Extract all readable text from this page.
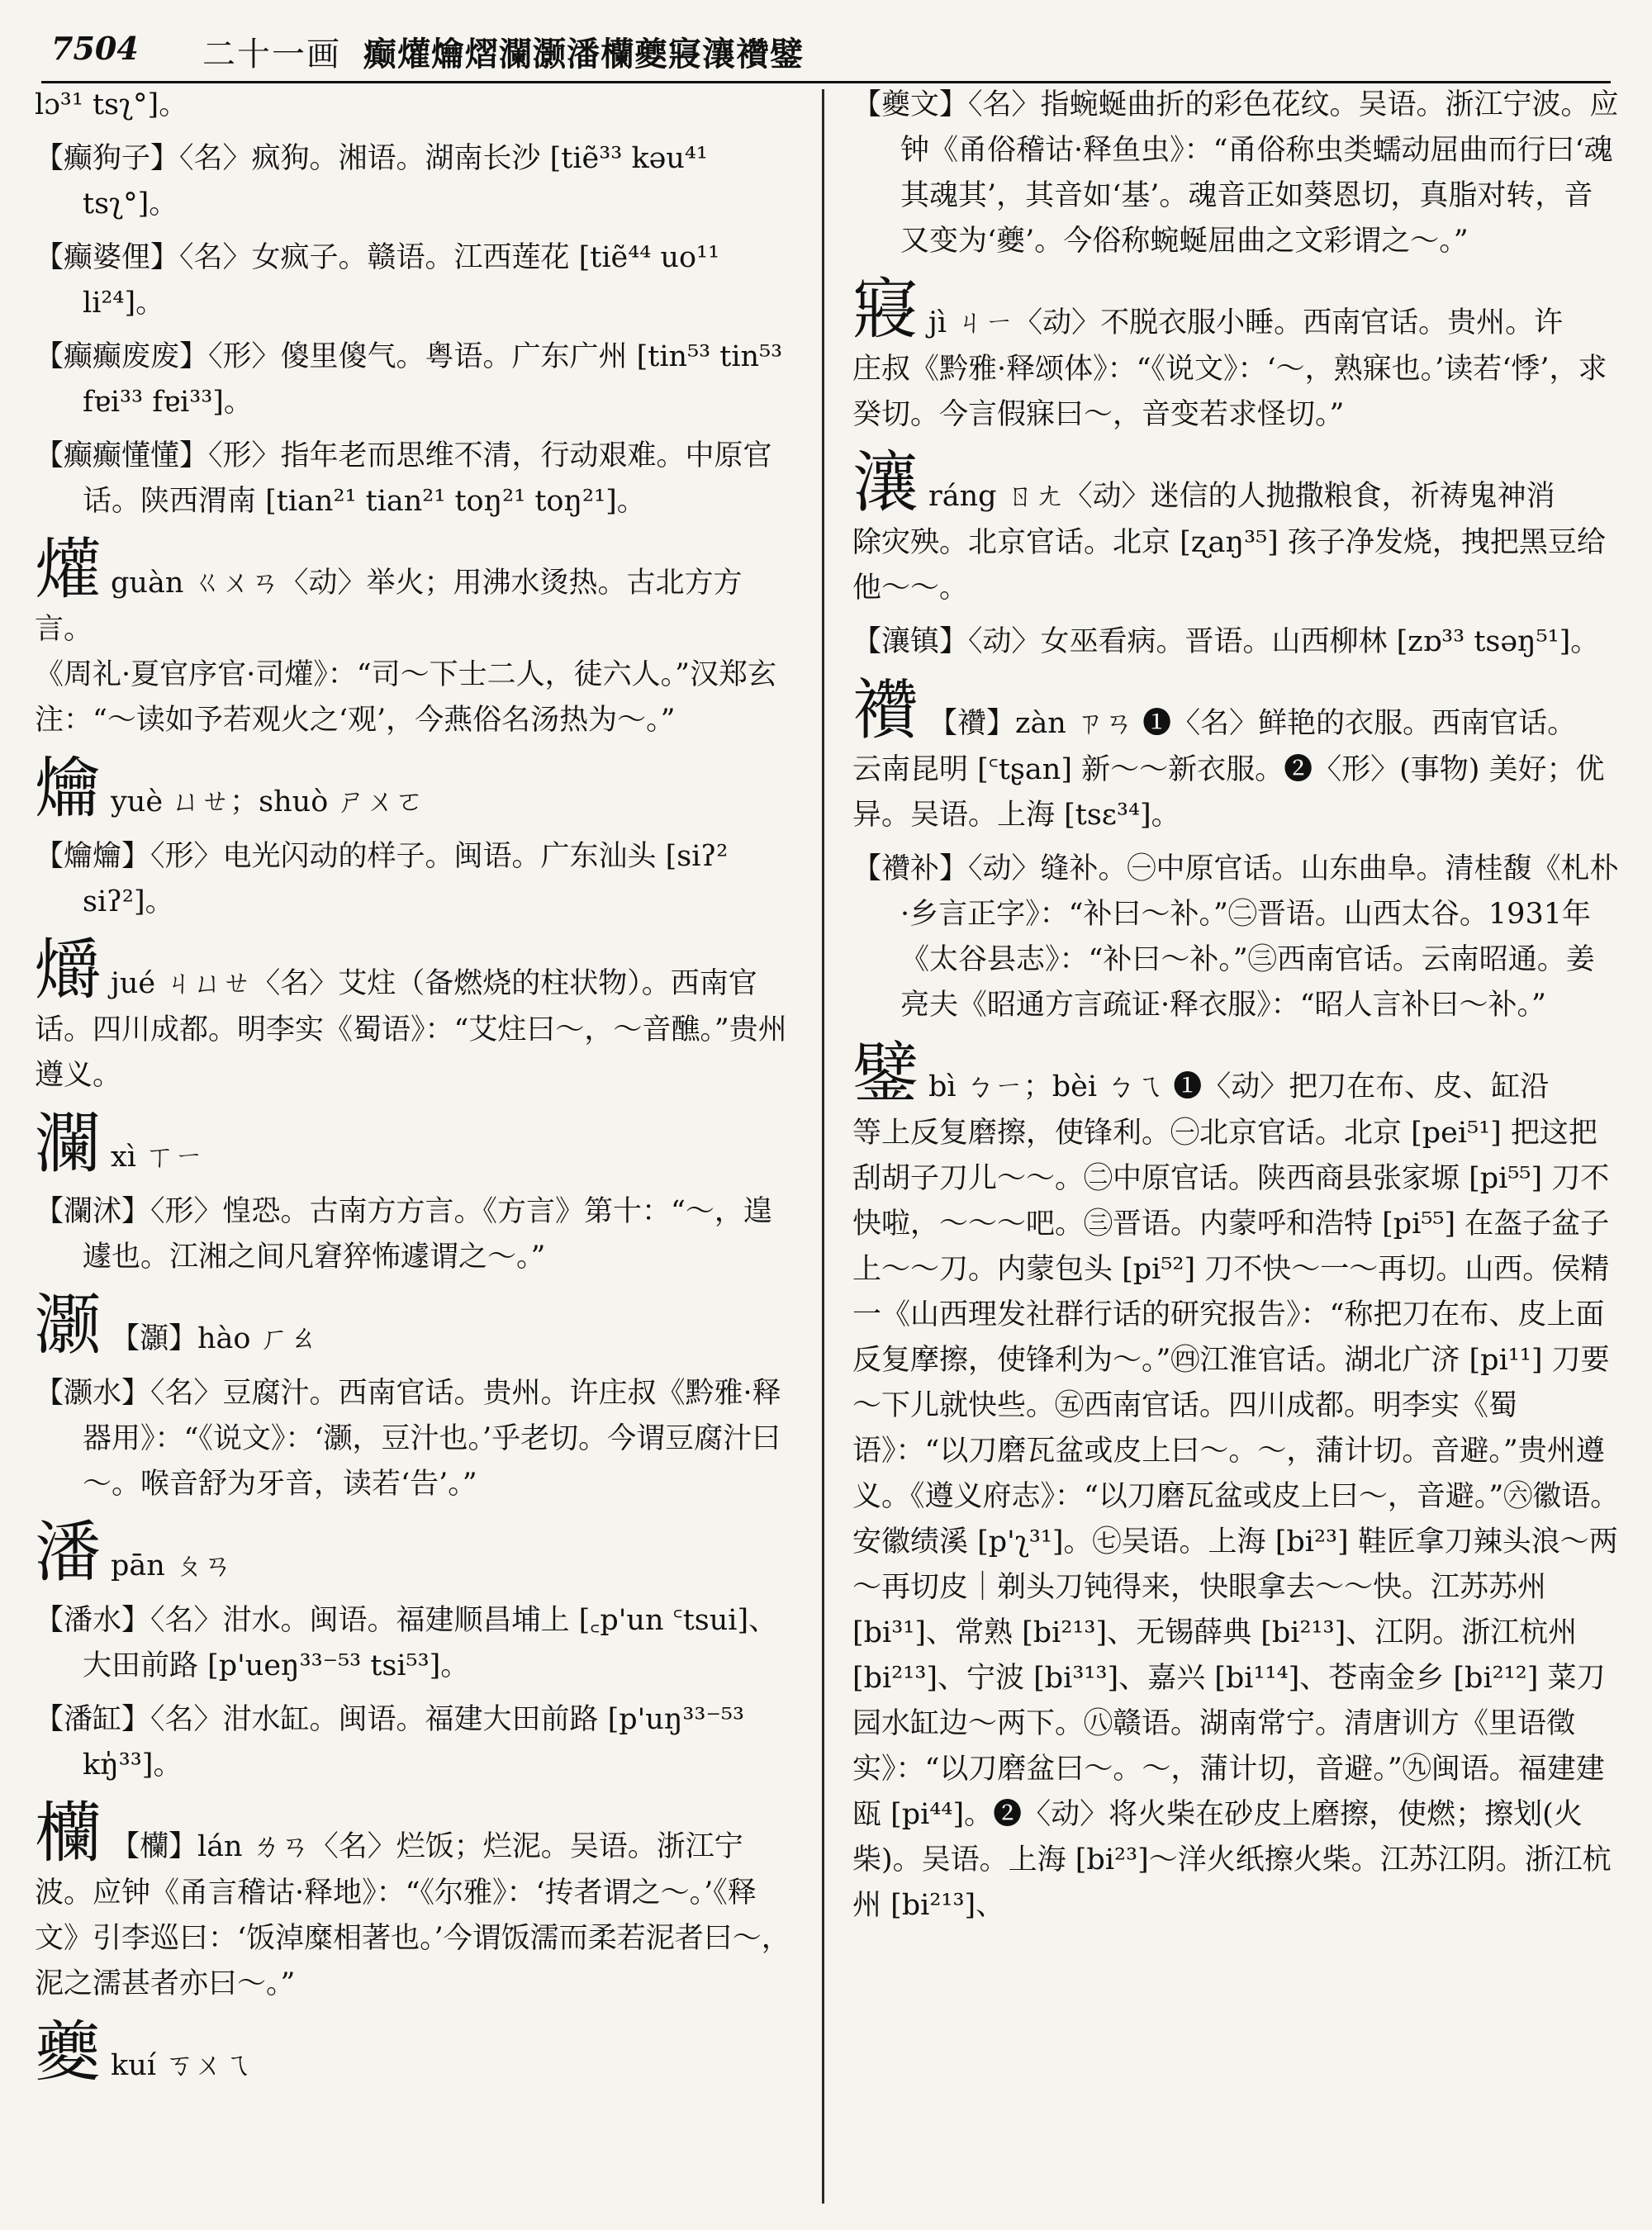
7504 二十一画 癫爟爚熠瀾灏潘欗夔寢瀼襸鐾

lɔ³¹ tsʅ°]。

【癫狗子】〈名〉疯狗。湘语。湖南长沙 [tiẽ³³ kəu⁴¹ tsʅ°]。

【癫婆俚】〈名〉女疯子。赣语。江西莲花 [tiẽ⁴⁴ uo¹¹ li²⁴]。

【癫癫废废】〈形〉傻里傻气。粤语。广东广州 [tin⁵³ tin⁵³ fɐi³³ fɐi³³]。

【癫癫懂懂】〈形〉指年老而思维不清，行动艰难。中原官话。陕西渭南 [tian²¹ tian²¹ toŋ²¹ toŋ²¹]。

爟guàn ㄍㄨㄢ〈动〉举火；用沸水烫热。古北方方言。
《周礼·夏官序官·司爟》：“司～下士二人，徒六人。”汉郑玄注：“～读如予若观火之‘观’，今燕俗名汤热为～。”
爚yuè ㄩㄝ；shuò ㄕㄨㄛ

【爚爚】〈形〉电光闪动的样子。闽语。广东汕头 [siʔ² siʔ²]。

爝jué ㄐㄩㄝ〈名〉艾炷（备燃烧的柱状物）。西南官
话。四川成都。明李实《蜀语》：“艾炷曰～，～音醮。”贵州遵义。
瀾xì ㄒㄧ

【瀾沭】〈形〉惶恐。古南方方言。《方言》第十：“～，遑遽也。江湘之间凡窘猝怖遽谓之～。”

灏 【灝】hào ㄏㄠ

【灏水】〈名〉豆腐汁。西南官话。贵州。许庄叔《黔雅·释器用》：“《说文》：‘灏，豆汁也。’乎老切。今谓豆腐汁曰～。喉音舒为牙音，读若‘告’。”

潘pān ㄆㄢ

【潘水】〈名〉泔水。闽语。福建顺昌埔上 [꜀p'un ꜂tsui]、大田前路 [p'ueŋ³³⁻⁵³ tsi⁵³]。

【潘缸】〈名〉泔水缸。闽语。福建大田前路 [p'uŋ³³⁻⁵³ kŋ̍³³]。

欗 【欗】lán ㄌㄢ〈名〉烂饭；烂泥。吴语。浙江宁
波。应钟《甬言稽诂·释地》：“《尔雅》：‘抟者谓之～。’《释文》引李巡曰：‘饭淖糜相著也。’今谓饭濡而柔若泥者曰～，泥之濡甚者亦曰～。”
夔kuí ㄎㄨㄟ

【夔文】〈名〉指蜿蜒曲折的彩色花纹。吴语。浙江宁波。应钟《甬俗稽诂·释鱼虫》：“甬俗称虫类蠕动屈曲而行曰‘魂其魂其’，其音如‘基’。魂音正如葵恩切，真脂对转，音又变为‘夔’。今俗称蜿蜒屈曲之文彩谓之～。”

寢jì ㄐㄧ〈动〉不脱衣服小睡。西南官话。贵州。许
庄叔《黔雅·释颂体》：“《说文》：‘～，熟寐也。’读若‘悸’，求癸切。今言假寐曰～，音变若求怪切。”
瀼ráng ㄖㄤ〈动〉迷信的人抛撒粮食，祈祷鬼神消
除灾殃。北京官话。北京 [ʐaŋ³⁵] 孩子净发烧，拽把黑豆给他～～。

【瀼镇】〈动〉女巫看病。晋语。山西柳林 [zɒ³³ tsəŋ⁵¹]。

襸 【襸】zàn ㄗㄢ ❶〈名〉鲜艳的衣服。西南官话。
云南昆明 [꜂tʂan] 新～～新衣服。❷〈形〉(事物) 美好；优异。吴语。上海 [tsɛ³⁴]。

【襸补】〈动〉缝补。㊀中原官话。山东曲阜。清桂馥《札朴·乡言正字》：“补曰～补。”㊁晋语。山西太谷。1931年《太谷县志》：“补曰～补。”㊂西南官话。云南昭通。姜亮夫《昭通方言疏证·释衣服》：“昭人言补曰～补。”

鐾bì ㄅㄧ；bèi ㄅㄟ ❶〈动〉把刀在布、皮、缸沿
等上反复磨擦，使锋利。㊀北京官话。北京 [pei⁵¹] 把这把刮胡子刀儿～～。㊁中原官话。陕西商县张家塬 [pi⁵⁵] 刀不快啦，～～～吧。㊂晋语。内蒙呼和浩特 [pi⁵⁵] 在盔子盆子上～～刀。内蒙包头 [pi⁵²] 刀不快～一～再切。山西。侯精一《山西理发社群行话的研究报告》：“称把刀在布、皮上面反复摩擦，使锋利为～。”㊃江淮官话。湖北广济 [pi¹¹] 刀要～下儿就快些。㊄西南官话。四川成都。明李实《蜀语》：“以刀磨瓦盆或皮上曰～。～，蒲计切。音避。”贵州遵义。《遵义府志》：“以刀磨瓦盆或皮上曰～，音避。”㊅徽语。安徽绩溪 [p'ʅ³¹]。㊆吴语。上海 [bi²³] 鞋匠拿刀辣头浪～两～再切皮｜剃头刀钝得来，快眼拿去～～快。江苏苏州 [bi³¹]、常熟 [bi²¹³]、无锡薛典 [bi²¹³]、江阴。浙江杭州 [bi²¹³]、宁波 [bi³¹³]、嘉兴 [bi¹¹⁴]、苍南金乡 [bi²¹²] 菜刀园水缸边～两下。㊇赣语。湖南常宁。清唐训方《里语徵实》：“以刀磨盆曰～。～，蒲计切，音避。”㊈闽语。福建建瓯 [pi⁴⁴]。❷〈动〉将火柴在砂皮上磨擦，使燃；擦划(火柴)。吴语。上海 [bi²³]～洋火纸擦火柴。江苏江阴。浙江杭州 [bi²¹³]、
